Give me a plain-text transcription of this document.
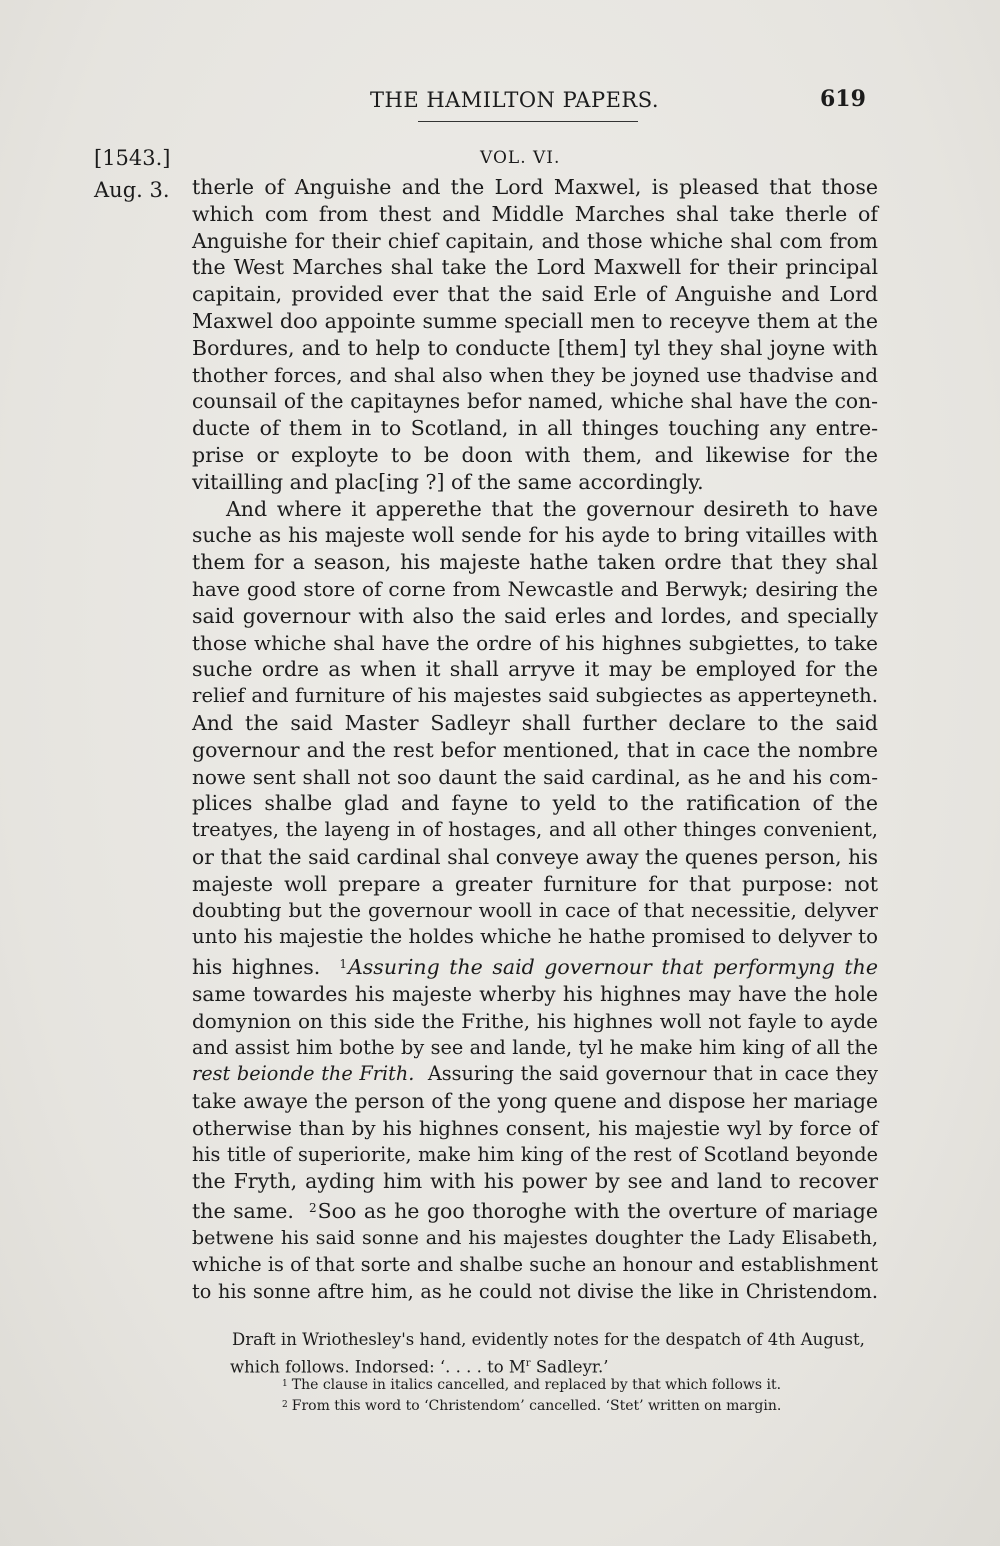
THE HAMILTON PAPERS.	619
[1543.]	VOL. VI.
Aug. 3. therle of Anguishe and the Lord Maxwel, is pleased that those
which com from thest and Middle Marches shal take therle of
Anguishe for their chief capitain, and those whiche shal com from
the West Marches shal take the Lord Maxwell for their principal
capitain, provided ever that the said Erle of Anguishe and Lord
Maxwel doo appointe summe speciall men to receyve them at the
Bordures, and to help to conducte [them] tyl they shal joyne with
thother forces, and shal also when they be joyned use thadvise and
counsail of the capitaynes befor named, whiche shal have the con-
ducte of them in to Scotland, in all thinges touching any entre-
prise or exployte to be doon with them, and likewise for the
vitailling and plac[ing ?] of the same accordingly.
And where it apperethe that the governour desireth to have
suche as his majeste woll sende for his ayde to bring vitailles with
them for a season, his majeste hathe taken ordre that they shal
have good store of corne from Newcastle and Berwyk; desiring the
said governour with also the said erles and lordes, and specially
those whiche shal have the ordre of his highnes subgiettes, to take
suche ordre as when it shall arryve it may be employed for the
relief and furniture of his majestes said subgiectes as apperteyneth.
And the said Master Sadleyr shall further declare to the said
governour and the rest befor mentioned, that in cace the nombre
nowe sent shall not soo daunt the said cardinal, as he and his com-
plices shalbe glad and fayne to yeld to the ratification of the
treatyes, the layeng in of hostages, and all other thinges convenient,
or that the said cardinal shal conveye away the quenes person, his
majeste woll prepare a greater furniture for that purpose: not
doubting but the governour wooll in cace of that necessitie, delyver
unto his majestie the holdes whiche he hathe promised to delyver to
his highnes. $^1$Assuring the said governour that performyng the
same towardes his majeste wherby his highnes may have the hole
domynion on this side the Frithe, his highnes woll not fayle to ayde
and assist him bothe by see and lande, tyl he make him king of all the
rest beionde the Frith. Assuring the said governour that in cace they
take awaye the person of the yong quene and dispose her mariage
otherwise than by his highnes consent, his majestie wyl by force of
his title of superiorite, make him king of the rest of Scotland beyonde
the Fryth, ayding him with his power by see and land to recover
the same. $^2$Soo as he goo thoroghe with the overture of mariage
betwene his said sonne and his majestes doughter the Lady Elisabeth,
whiche is of that sorte and shalbe suche an honour and establishment
to his sonne aftre him, as he could not divise the like in Christendom.
Draft in Wriothesley's hand, evidently notes for the despatch of 4th August,
which follows. Indorsed: ‘. . . . to $M^r$ Sadleyr.’
$^1$ The clause in italics cancelled, and replaced by that which follows it.
$^2$ From this word to ‘Christendom’ cancelled. ‘Stet’ written on margin.
